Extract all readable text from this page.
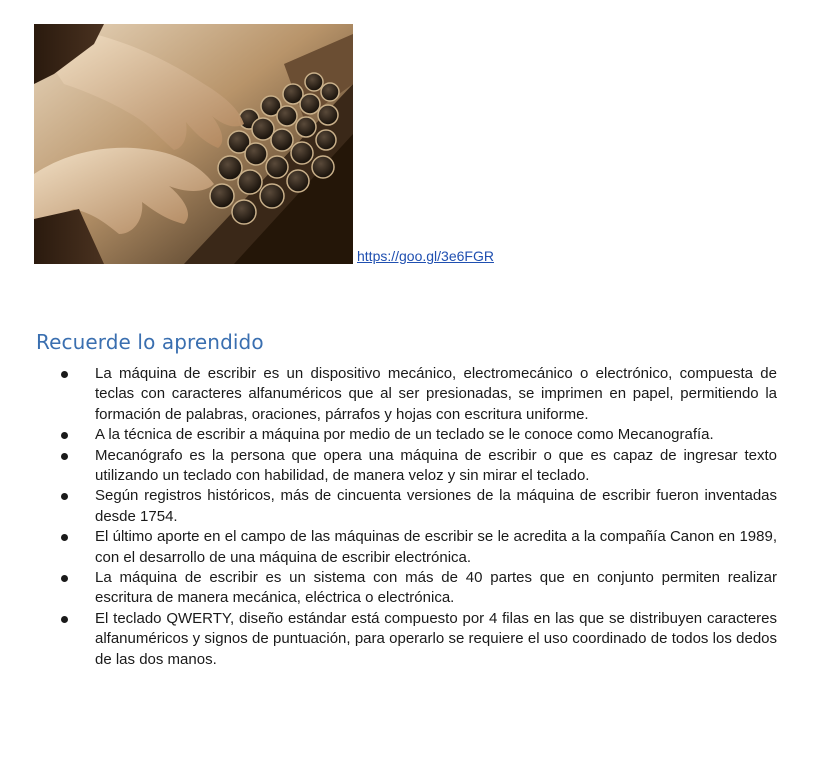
https://goo.gl/3e6FGR
Recuerde lo aprendido
La máquina de escribir es un dispositivo mecánico, electromecánico o electrónico, compuesta de teclas con caracteres alfanuméricos que al ser presionadas, se imprimen en papel, permitiendo la formación de palabras, oraciones, párrafos y hojas con escritura uniforme.
A la técnica de escribir a máquina por medio de un teclado se le conoce como Mecanografía.
Mecanógrafo es la persona que opera una máquina de escribir o que es capaz de ingresar texto utilizando un teclado con habilidad, de manera veloz y sin mirar el teclado.
Según registros históricos, más de cincuenta versiones de la máquina de escribir fueron inventadas desde 1754.
El último aporte en el campo de las máquinas de escribir se le acredita a la compañía Canon en 1989, con el desarrollo de una máquina de escribir electrónica.
La máquina de escribir es un sistema con más de 40 partes que en conjunto permiten realizar escritura de manera mecánica, eléctrica o electrónica.
El teclado QWERTY, diseño estándar está compuesto por 4 filas en las que se distribuyen caracteres alfanuméricos y signos de puntuación, para operarlo se requiere el uso coordinado de todos los dedos de las dos manos.
